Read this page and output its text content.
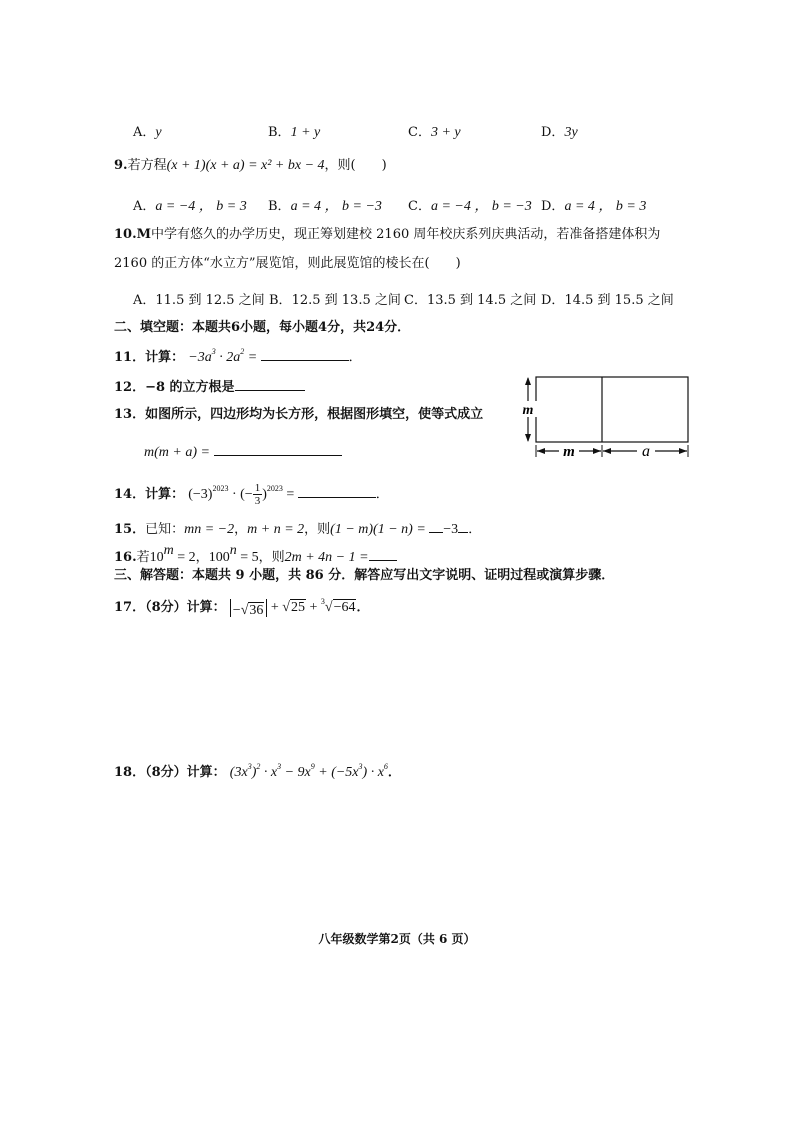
A．y	B．1 + y	C．3 + y	D．3y
9.若方程(x + 1)(x + a) = x² + bx − 4，则(　　)
A．a = −4 ， b = 3 B．a = 4 ， b = −3 C．a = −4 ， b = −3 D．a = 4 ， b = 3
10.M中学有悠久的办学历史，现正筹划建校 2160 周年校庆系列庆典活动，若准备搭建体积为
2160 的正方体“水立方”展览馆，则此展览馆的棱长在(　　)
A．11.5 到 12.5 之间 B．12.5 到 13.5 之间 C．13.5 到 14.5 之间 D．14.5 到 15.5 之间
二、填空题：本题共6小题，每小题4分，共24分．
11．计算： $-3a^3 \cdot 2a^2$ =	．
12．−8 的立方根是
13．如图所示，四边形均为长方形，根据图形填空，使等式成立
m(m + a) =
m
m	a
14．计算： $(-3)^{2023}$ · (− $\frac{1}{3} )^{2023}$ =	．
15．已知：mn = −2，m + n = 2，则(1 − m)(1 − n) = −3 ．
16.若$10^m = 2$，$100^n = 5$，则2m + 4n − 1 =
三、解答题：本题共 9 小题，共 86 分．解答应写出文字说明、证明过程或演算步骤．
17．（8分）计算： −√36 + √25 + $^3$√−64．
18．（8分）计算： $(3x^3)^2 \cdot x^3 - 9x^9 + (-5x^3) \cdot x^6$．
八年级数学第2页（共 6 页）
